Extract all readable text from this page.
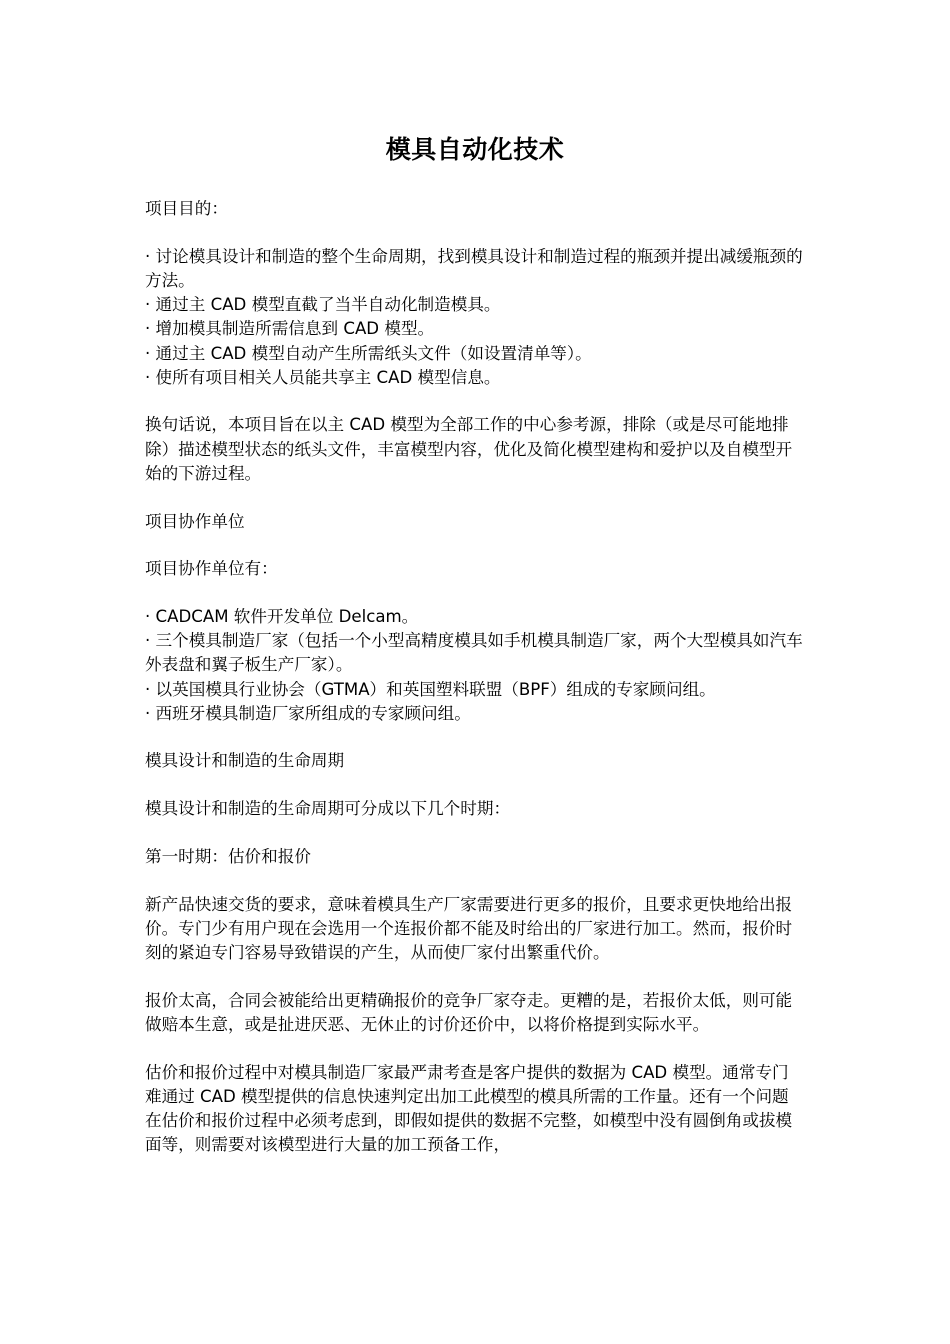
模具自动化技术

项目目的：

· 讨论模具设计和制造的整个生命周期，找到模具设计和制造过程的瓶颈并提出减缓瓶颈的方法。

· 通过主 CAD 模型直截了当半自动化制造模具。

· 增加模具制造所需信息到 CAD 模型。

· 通过主 CAD 模型自动产生所需纸头文件（如设置清单等）。

· 使所有项目相关人员能共享主 CAD 模型信息。

换句话说，本项目旨在以主 CAD 模型为全部工作的中心参考源，排除（或是尽可能地排除）描述模型状态的纸头文件，丰富模型内容，优化及简化模型建构和爱护以及自模型开始的下游过程。

项目协作单位

项目协作单位有：

· CADCAM 软件开发单位 Delcam。

· 三个模具制造厂家（包括一个小型高精度模具如手机模具制造厂家，两个大型模具如汽车外表盘和翼子板生产厂家）。

· 以英国模具行业协会（GTMA）和英国塑料联盟（BPF）组成的专家顾问组。

· 西班牙模具制造厂家所组成的专家顾问组。

模具设计和制造的生命周期

模具设计和制造的生命周期可分成以下几个时期：

第一时期：估价和报价

新产品快速交货的要求，意味着模具生产厂家需要进行更多的报价，且要求更快地给出报价。专门少有用户现在会选用一个连报价都不能及时给出的厂家进行加工。然而，报价时刻的紧迫专门容易导致错误的产生，从而使厂家付出繁重代价。

报价太高，合同会被能给出更精确报价的竞争厂家夺走。更糟的是，若报价太低，则可能做赔本生意，或是扯进厌恶、无休止的讨价还价中，以将价格提到实际水平。

估价和报价过程中对模具制造厂家最严肃考查是客户提供的数据为 CAD 模型。通常专门难通过 CAD 模型提供的信息快速判定出加工此模型的模具所需的工作量。还有一个问题在估价和报价过程中必须考虑到，即假如提供的数据不完整，如模型中没有圆倒角或拔模面等，则需要对该模型进行大量的加工预备工作，
